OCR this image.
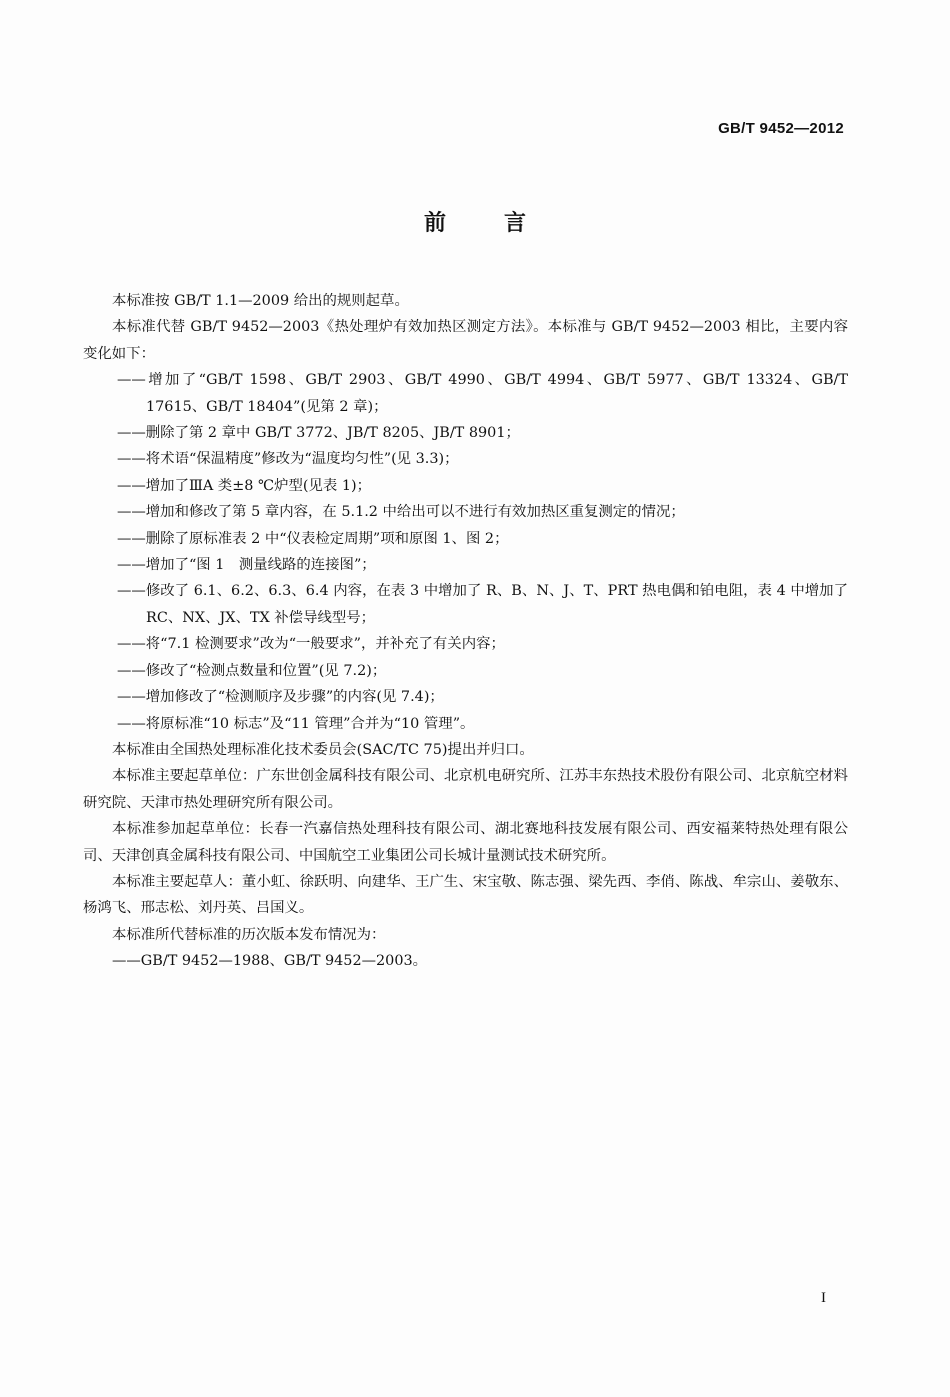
GB/T 9452—2012
前言

本标准按 GB/T 1.1—2009 给出的规则起草。

本标准代替 GB/T 9452—2003《热处理炉有效加热区测定方法》。本标准与 GB/T 9452—2003 相比，主要内容变化如下：

——增加了“GB/T 1598、GB/T 2903、GB/T 4990、GB/T 4994、GB/T 5977、GB/T 13324、GB/T 17615、GB/T 18404”(见第 2 章)；

——删除了第 2 章中 GB/T 3772、JB/T 8205、JB/T 8901；

——将术语“保温精度”修改为“温度均匀性”(见 3.3)；

——增加了ⅢA 类±8 ℃炉型(见表 1)；

——增加和修改了第 5 章内容，在 5.1.2 中给出可以不进行有效加热区重复测定的情况；

——删除了原标准表 2 中“仪表检定周期”项和原图 1、图 2；

——增加了“图 1　测量线路的连接图”；

——修改了 6.1、6.2、6.3、6.4 内容，在表 3 中增加了 R、B、N、J、T、PRT 热电偶和铂电阻，表 4 中增加了 RC、NX、JX、TX 补偿导线型号；

——将“7.1 检测要求”改为“一般要求”，并补充了有关内容；

——修改了“检测点数量和位置”(见 7.2)；

——增加修改了“检测顺序及步骤”的内容(见 7.4)；

——将原标准“10 标志”及“11 管理”合并为“10 管理”。

本标准由全国热处理标准化技术委员会(SAC/TC 75)提出并归口。

本标准主要起草单位：广东世创金属科技有限公司、北京机电研究所、江苏丰东热技术股份有限公司、北京航空材料研究院、天津市热处理研究所有限公司。

本标准参加起草单位：长春一汽嘉信热处理科技有限公司、湖北赛地科技发展有限公司、西安福莱特热处理有限公司、天津创真金属科技有限公司、中国航空工业集团公司长城计量测试技术研究所。

本标准主要起草人：董小虹、徐跃明、向建华、王广生、宋宝敬、陈志强、梁先西、李俏、陈战、牟宗山、姜敬东、杨鸿飞、邢志松、刘丹英、吕国义。

本标准所代替标准的历次版本发布情况为：

——GB/T 9452—1988、GB/T 9452—2003。

I
